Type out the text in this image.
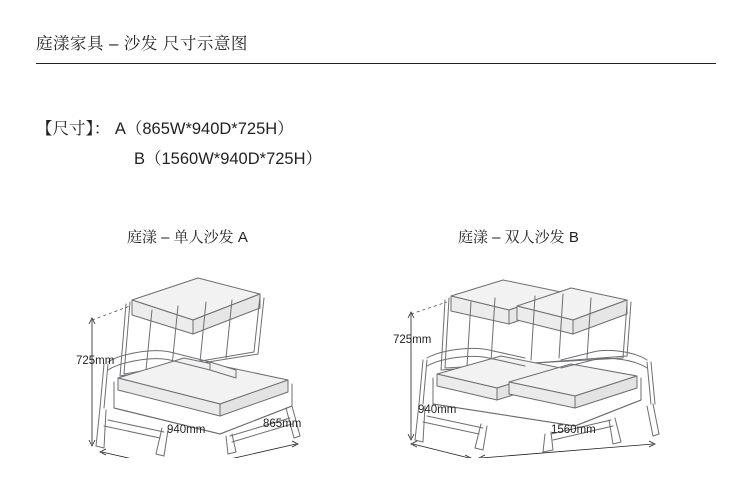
庭漾家具 – 沙发 尺寸示意图
【尺寸】： A（865W*940D*725H）
B（1560W*940D*725H）
庭漾 – 单人沙发 A	庭漾 – 双人沙发 B
725mm
940mm	865mm
725mm
940mm
1560mm
